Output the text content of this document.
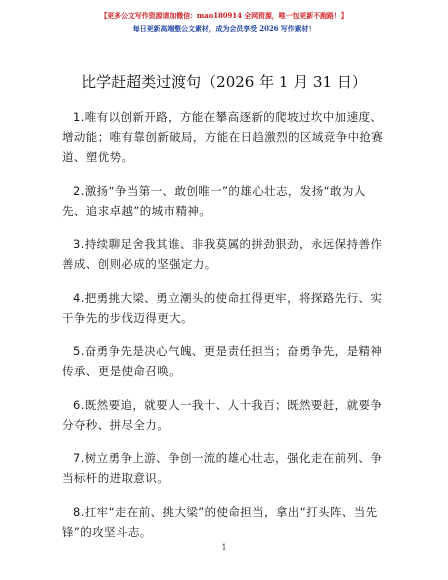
【更多公文写作资源请加微信：mao180914 全网资源，唯一包更新不跑路！】
每日更新高端整公文素材，成为会员享受 2026 写作素材！
比学赶超类过渡句（2026 年 1 月 31 日）

1.唯有以创新开路，方能在攀高逐新的爬坡过坎中加速度、增动能；唯有靠创新破局，方能在日趋激烈的区域竞争中抢赛道、塑优势。

2.激扬“争当第一、敢创唯一”的雄心壮志，发扬“敢为人先、追求卓越”的城市精神。

3.持续聊足舍我其谁、非我莫属的拼劲狠劲，永远保持善作善成、创则必成的坚强定力。

4.把勇挑大梁、勇立潮头的使命扛得更牢，将探路先行、实干争先的步伐迈得更大。

5.奋勇争先是决心气魄、更是责任担当；奋勇争先，是精神传承、更是使命召唤。

6.既然要追，就要人一我十、人十我百；既然要赶，就要争分夺秒、拼尽全力。

7.树立勇争上游、争创一流的雄心壮志，强化走在前列、争当标杆的进取意识。

8.扛牢“走在前、挑大梁”的使命担当，拿出“打头阵、当先锋”的攻坚斗志。

1
